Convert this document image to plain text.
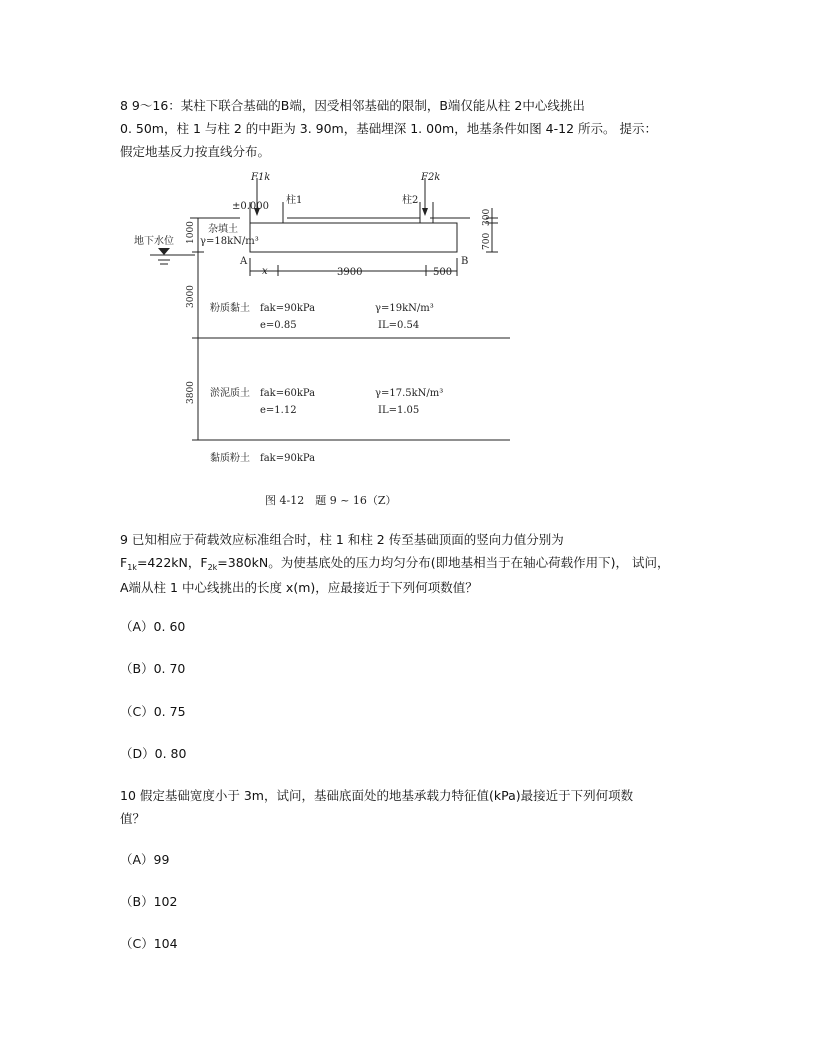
8 9～16：某柱下联合基础的B端，因受相邻基础的限制，B端仅能从柱 2中心线挑出
0. 50m，柱 1 与柱 2 的中距为 3. 90m，基础埋深 1. 00m，地基条件如图 4-12 所示。 提示：
假定地基反力按直线分布。
F1k	F2k
柱1	柱2
±0.000
杂填土
γ=18kN/m³
地下水位
A	B
x	3900	500
1000
3000
3800
300
700
粉质黏土 fak=90kPa	γ=19kN/m³
e=0.85	IL=0.54
淤泥质土 fak=60kPa	γ=17.5kN/m³
e=1.12	IL=1.05
黏质粉土 fak=90kPa
图 4-12　题 9 ~ 16（Z）
9 已知相应于荷载效应标准组合时，柱 1 和柱 2 传至基础顶面的竖向力值分别为
$F_{1k}=422kN$，$F_{2k}=380kN$。为使基底处的压力均匀分布(即地基相当于在轴心荷载作用下)， 试问，
A端从柱 1 中心线挑出的长度 x(m)，应最接近于下列何项数值？

（A）0. 60

（B）0. 70

（C）0. 75

（D）0. 80

10 假定基础宽度小于 3m，试问，基础底面处的地基承载力特征值(kPa)最接近于下列何项数
值？

（A）99

（B）102

（C）104
